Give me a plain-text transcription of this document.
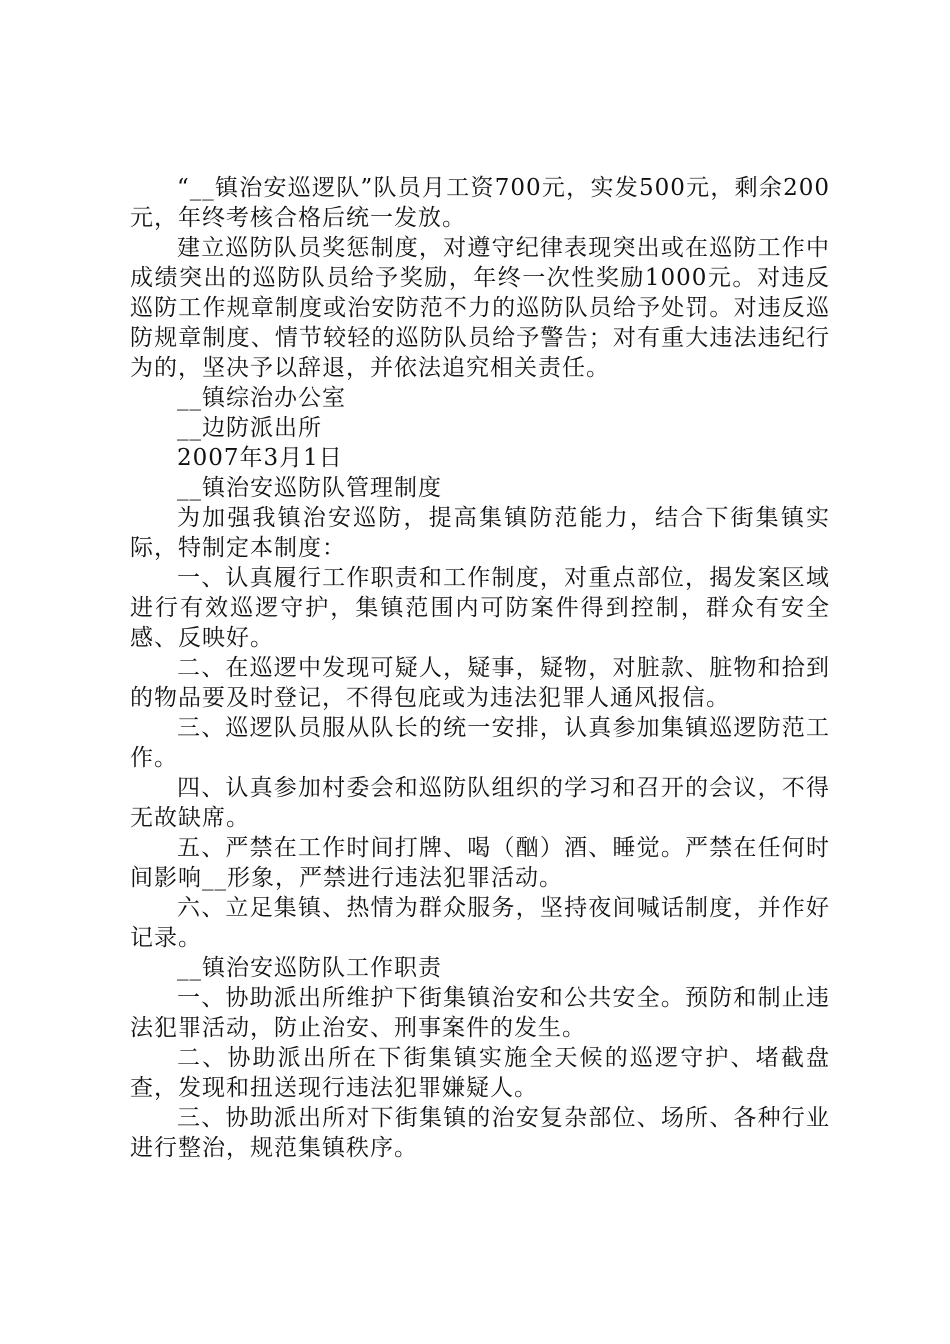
“__镇治安巡逻队”队员月工资700元，实发500元，剩余200元，年终考核合格后统一发放。

建立巡防队员奖惩制度，对遵守纪律表现突出或在巡防工作中成绩突出的巡防队员给予奖励，年终一次性奖励1000元。对违反巡防工作规章制度或治安防范不力的巡防队员给予处罚。对违反巡防规章制度、情节较轻的巡防队员给予警告；对有重大违法违纪行为的，坚决予以辞退，并依法追究相关责任。

__镇综治办公室

__边防派出所

2007年3月1日

__镇治安巡防队管理制度

为加强我镇治安巡防，提高集镇防范能力，结合下街集镇实际，特制定本制度：

一、认真履行工作职责和工作制度，对重点部位，揭发案区域进行有效巡逻守护，集镇范围内可防案件得到控制，群众有安全感、反映好。

二、在巡逻中发现可疑人，疑事，疑物，对脏款、脏物和拾到的物品要及时登记，不得包庇或为违法犯罪人通风报信。

三、巡逻队员服从队长的统一安排，认真参加集镇巡逻防范工作。

四、认真参加村委会和巡防队组织的学习和召开的会议，不得无故缺席。

五、严禁在工作时间打牌、喝（酗）酒、睡觉。严禁在任何时间影响__形象，严禁进行违法犯罪活动。

六、立足集镇、热情为群众服务，坚持夜间喊话制度，并作好记录。

__镇治安巡防队工作职责

一、协助派出所维护下街集镇治安和公共安全。预防和制止违法犯罪活动，防止治安、刑事案件的发生。

二、协助派出所在下街集镇实施全天候的巡逻守护、堵截盘查，发现和扭送现行违法犯罪嫌疑人。

三、协助派出所对下街集镇的治安复杂部位、场所、各种行业进行整治，规范集镇秩序。
